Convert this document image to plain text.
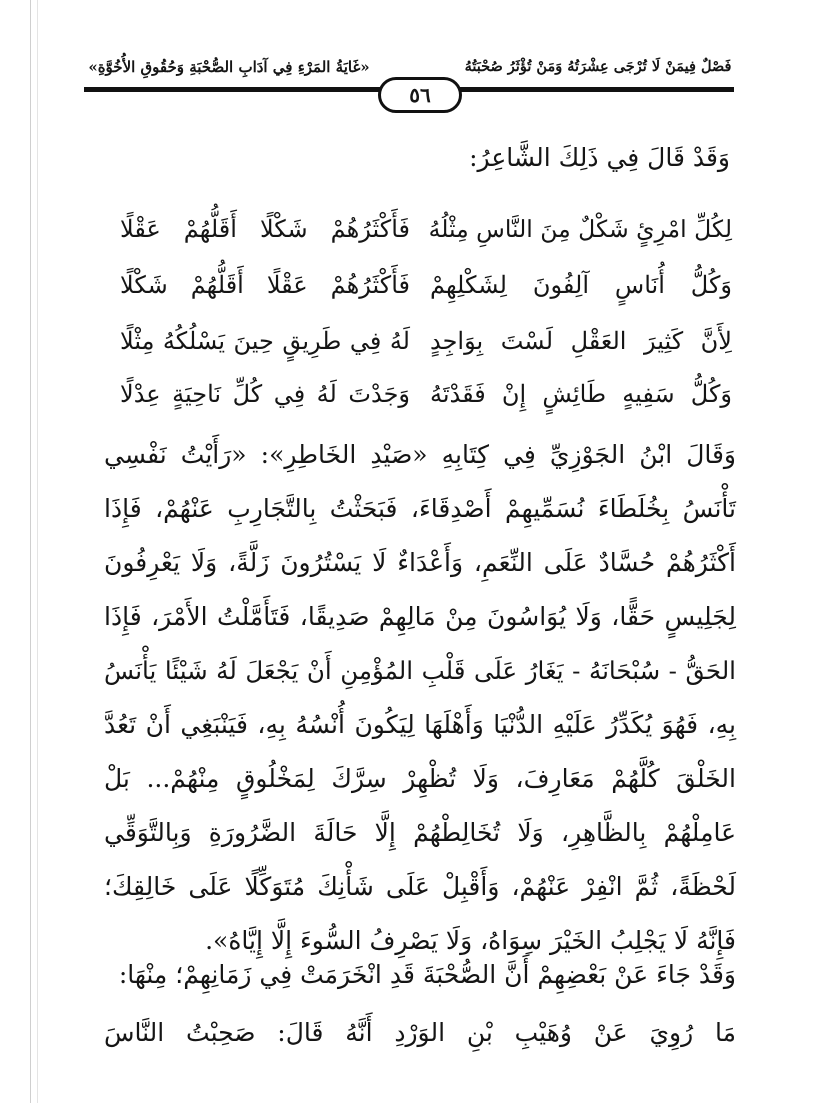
«غَايَةُ المَرْءِ فِي آدَابِ الصُّحْبَةِ وَحُقُوقِ الأُخُوَّةِ»	فَصْلٌ فِيمَنْ لَا تُرْجَى عِشْرَتُهُ وَمَنْ تُؤْثَرُ صُحْبَتُهُ
٥٦
وَقَدْ قَالَ فِي ذَلِكَ الشَّاعِرُ:
لِكُلِّ امْرِئٍ شَكْلٌ مِنَ النَّاسِ مِثْلُهُ
فَأَكْثَرُهُمْ شَكْلًا أَقَلُّهُمْ عَقْلًا
وَكُلُّ أُنَاسٍ آلِفُونَ لِشَكْلِهِمْ
فَأَكْثَرُهُمْ عَقْلًا أَقَلُّهُمْ شَكْلًا
لِأَنَّ كَثِيرَ العَقْلِ لَسْتَ بِوَاجِدٍ
لَهُ فِي طَرِيقٍ حِينَ يَسْلُكُهُ مِثْلًا
وَكُلُّ سَفِيهٍ طَائِشٍ إِنْ فَقَدْتَهُ
وَجَدْتَ لَهُ فِي كُلِّ نَاحِيَةٍ عِدْلًا
وَقَالَ ابْنُ الجَوْزِيِّ فِي كِتَابِهِ «صَيْدِ الخَاطِرِ»: «رَأَيْتُ نَفْسِي
تَأْنَسُ بِخُلَطَاءَ نُسَمِّيهِمْ أَصْدِقَاءَ، فَبَحَثْتُ بِالتَّجَارِبِ عَنْهُمْ، فَإِذَا
أَكْثَرُهُمْ حُسَّادٌ عَلَى النِّعَمِ، وَأَعْدَاءٌ لَا يَسْتُرُونَ زَلَّةً، وَلَا يَعْرِفُونَ
لِجَلِيسٍ حَقًّا، وَلَا يُوَاسُونَ مِنْ مَالِهِمْ صَدِيقًا، فَتَأَمَّلْتُ الأَمْرَ، فَإِذَا
الحَقُّ - سُبْحَانَهُ - يَغَارُ عَلَى قَلْبِ المُؤْمِنِ أَنْ يَجْعَلَ لَهُ شَيْئًا يَأْنَسُ
بِهِ، فَهُوَ يُكَدِّرُ عَلَيْهِ الدُّنْيَا وَأَهْلَهَا لِيَكُونَ أُنْسُهُ بِهِ، فَيَنْبَغِي أَنْ تَعُدَّ
الخَلْقَ كُلَّهُمْ مَعَارِفَ، وَلَا تُظْهِرْ سِرَّكَ لِمَخْلُوقٍ مِنْهُمْ... بَلْ
عَامِلْهُمْ بِالظَّاهِرِ، وَلَا تُخَالِطْهُمْ إِلَّا حَالَةَ الضَّرُورَةِ وَبِالتَّوَقِّي
لَحْظَةً، ثُمَّ انْفِرْ عَنْهُمْ، وَأَقْبِلْ عَلَى شَأْنِكَ مُتَوَكِّلًا عَلَى خَالِقِكَ؛
فَإِنَّهُ لَا يَجْلِبُ الخَيْرَ سِوَاهُ، وَلَا يَصْرِفُ السُّوءَ إِلَّا إِيَّاهُ».
وَقَدْ جَاءَ عَنْ بَعْضِهِمْ أَنَّ الصُّحْبَةَ قَدِ انْخَرَمَتْ فِي زَمَانِهِمْ؛ مِنْهَا:
مَا رُوِيَ عَنْ وُهَيْبِ بْنِ الوَرْدِ أَنَّهُ قَالَ: صَحِبْتُ النَّاسَ
